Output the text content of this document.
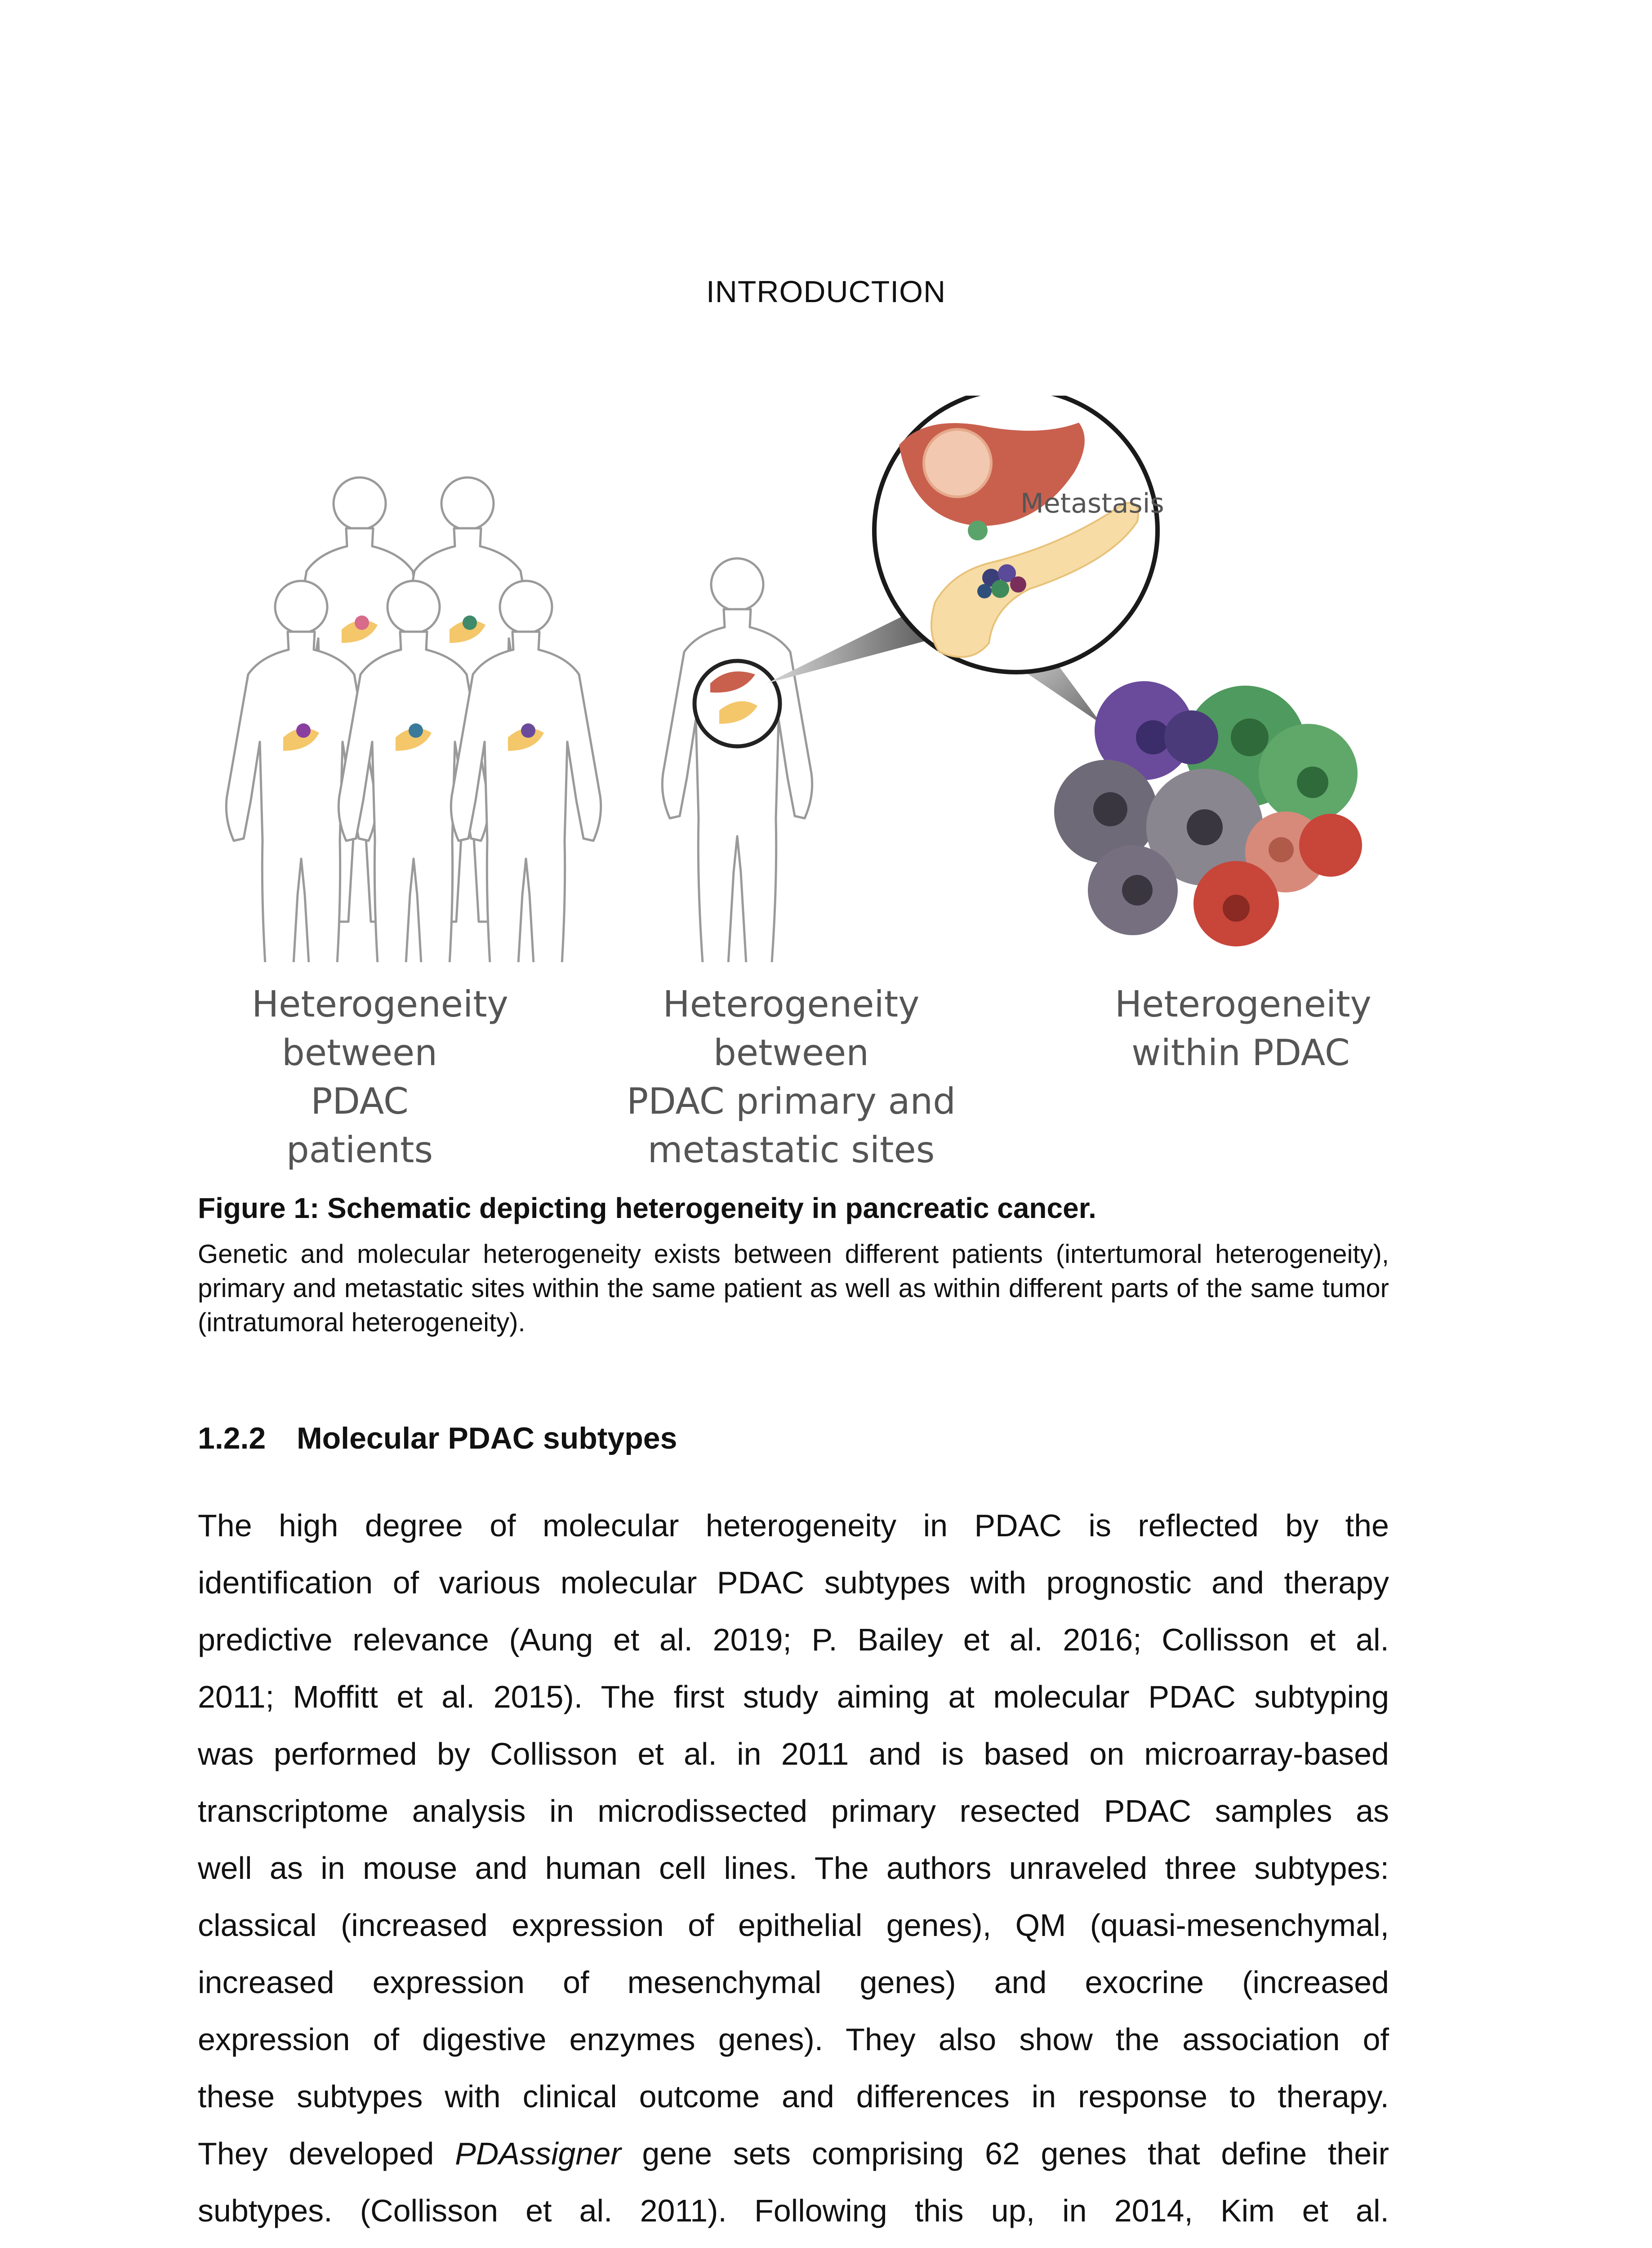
INTRODUCTION
Metastasis
Heterogeneity
between PDAC
patients
Heterogeneity between
PDAC primary and
metastatic sites
Heterogeneity
within PDAC
Figure 1: Schematic depicting heterogeneity in pancreatic cancer.
Genetic and molecular heterogeneity exists between different patients (intertumoral heterogeneity), primary and metastatic sites within the same patient as well as within different parts of the same tumor (intratumoral heterogeneity).
1.2.2 Molecular PDAC subtypes
The high degree of molecular heterogeneity in PDAC is reflected by the
identification of various molecular PDAC subtypes with prognostic and therapy
predictive relevance (Aung et al. 2019; P. Bailey et al. 2016; Collisson et al.
2011; Moffitt et al. 2015). The first study aiming at molecular PDAC subtyping
was performed by Collisson et al. in 2011 and is based on microarray-based
transcriptome analysis in microdissected primary resected PDAC samples as
well as in mouse and human cell lines. The authors unraveled three subtypes:
classical (increased expression of epithelial genes), QM (quasi-mesenchymal,
increased expression of mesenchymal genes) and exocrine (increased
expression of digestive enzymes genes). They also show the association of
these subtypes with clinical outcome and differences in response to therapy.
They developed PDAssigner gene sets comprising 62 genes that define their
subtypes. (Collisson et al. 2011). Following this up, in 2014, Kim et al.
